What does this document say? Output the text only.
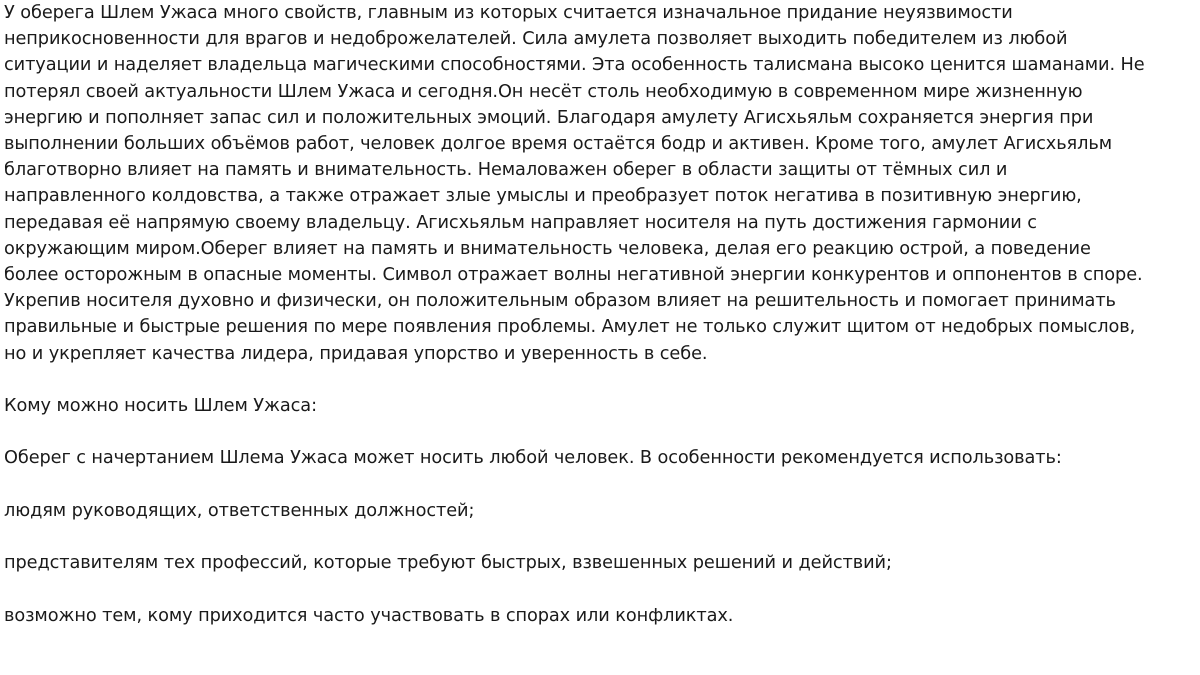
У оберега Шлем Ужаса много свойств, главным из которых считается изначальное придание неуязвимости

неприкосновенности для врагов и недоброжелателей. Сила амулета позволяет выходить победителем из любой

ситуации и наделяет владельца магическими способностями. Эта особенность талисмана высоко ценится шаманами. Не

потерял своей актуальности Шлем Ужаса и сегодня.Он несёт столь необходимую в современном мире жизненную

энергию и пополняет запас сил и положительных эмоций. Благодаря амулету Агисхьяльм сохраняется энергия при

выполнении больших объёмов работ, человек долгое время остаётся бодр и активен. Кроме того, амулет Агисхьяльм

благотворно влияет на память и внимательность. Немаловажен оберег в области защиты от тёмных сил и

направленного колдовства, а также отражает злые умыслы и преобразует поток негатива в позитивную энергию,

передавая её напрямую своему владельцу. Агисхьяльм направляет носителя на путь достижения гармонии с

окружающим миром.Оберег влияет на память и внимательность человека, делая его реакцию острой, а поведение

более осторожным в опасные моменты. Символ отражает волны негативной энергии конкурентов и оппонентов в споре.

Укрепив носителя духовно и физически, он положительным образом влияет на решительность и помогает принимать

правильные и быстрые решения по мере появления проблемы. Амулет не только служит щитом от недобрых помыслов,

но и укрепляет качества лидера, придавая упорство и уверенность в себе.

Кому можно носить Шлем Ужаса:

Оберег с начертанием Шлема Ужаса может носить любой человек. В особенности рекомендуется использовать:

людям руководящих, ответственных должностей;

представителям тех профессий, которые требуют быстрых, взвешенных решений и действий;

возможно тем, кому приходится часто участвовать в спорах или конфликтах.
